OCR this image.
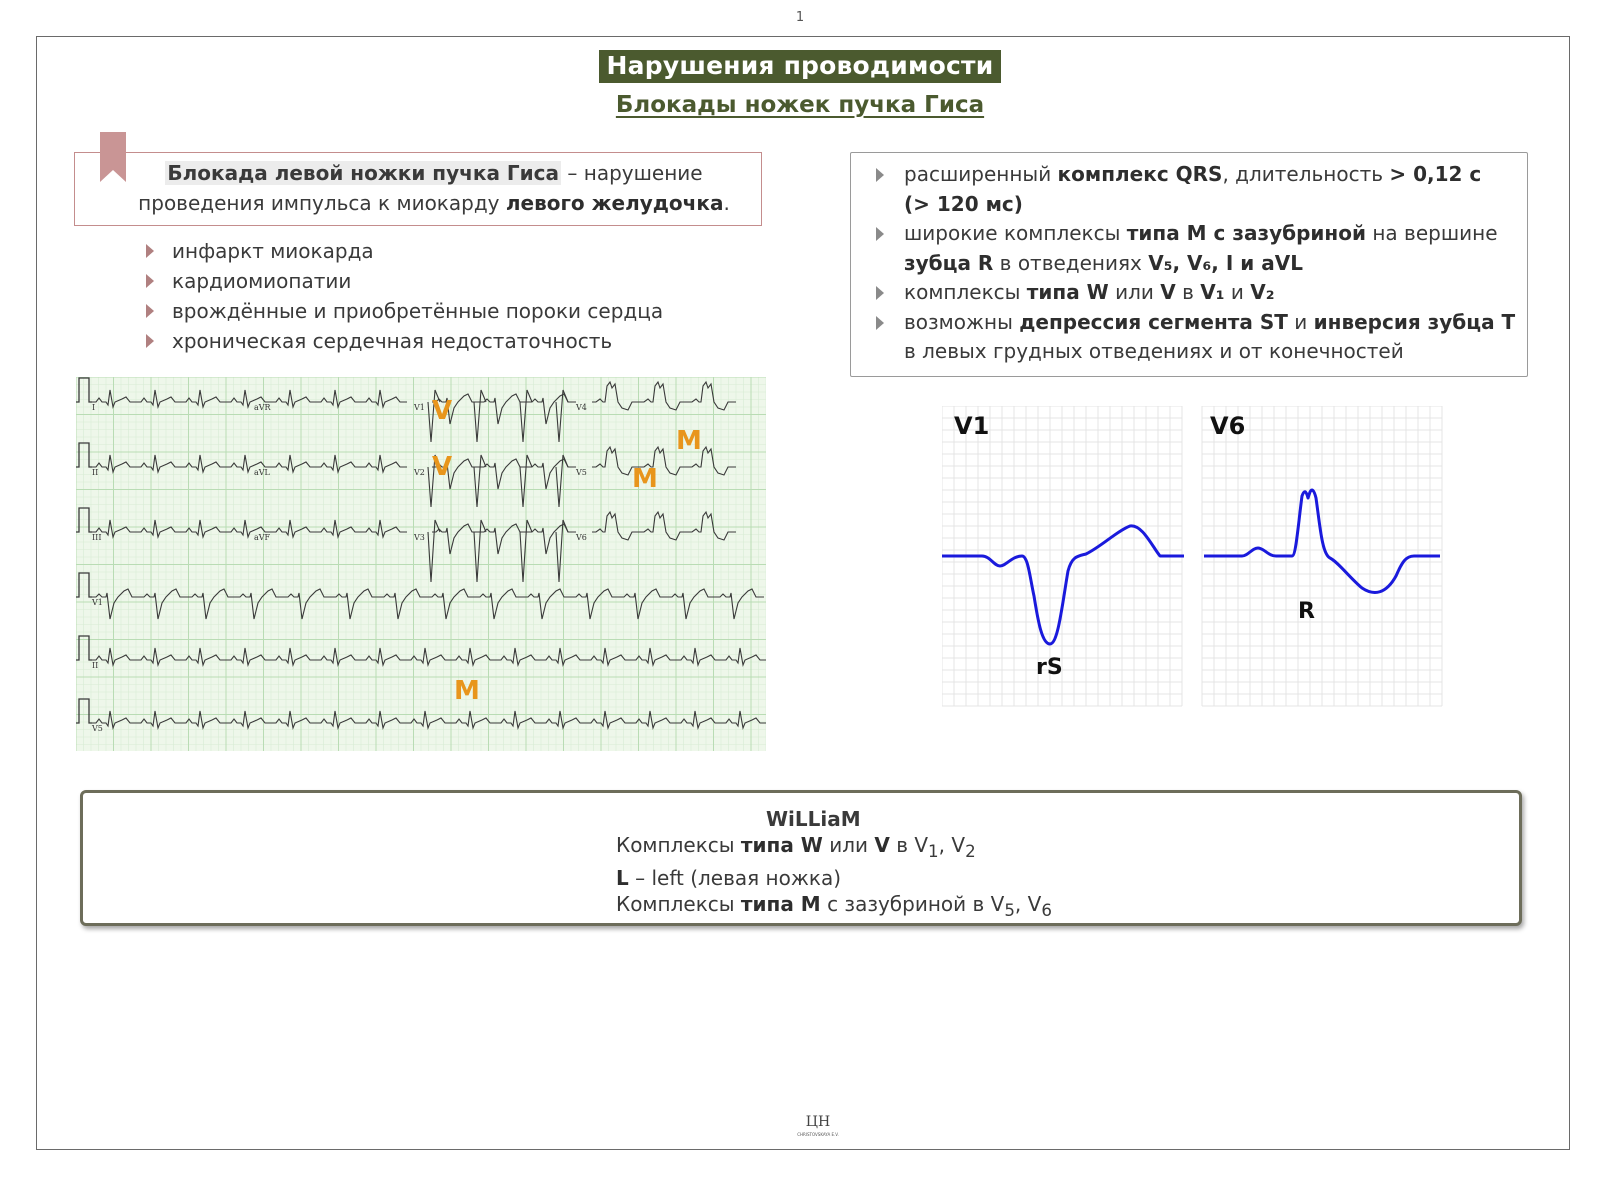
1
Нарушения проводимости
Блокады ножек пучка Гиса
Блокада левой ножки пучка Гиса – нарушение
проведения импульса к миокарду левого желудочка.
инфаркт миокарда
кардиомиопатии
врождённые и приобретённые пороки сердца
хроническая сердечная недостаточность
расширенный комплекс QRS, длительность > 0,12 с
(> 120 мс)
широкие комплексы типа М с зазубриной на вершине
зубца R в отведениях V₅, V₆, I и aVL
комплексы типа W или V в V₁ и V₂
возможны депрессия сегмента ST и инверсия зубца Т
в левых грудных отведениях и от конечностей
I	aVR	V1	V4
II	aVL	V2	V5
III	aVF	V3	V6
V1
II
V5
V
V
M
M
M
V1	V6
rS
R
WiLLiaM
Комплексы типа W или V в $V_1$, $V_2$
L – left (левая ножка)
Комплексы типа М с зазубриной в $V_5$, $V_6$
ЦН
CHRISTOVSKAYA E.V.
